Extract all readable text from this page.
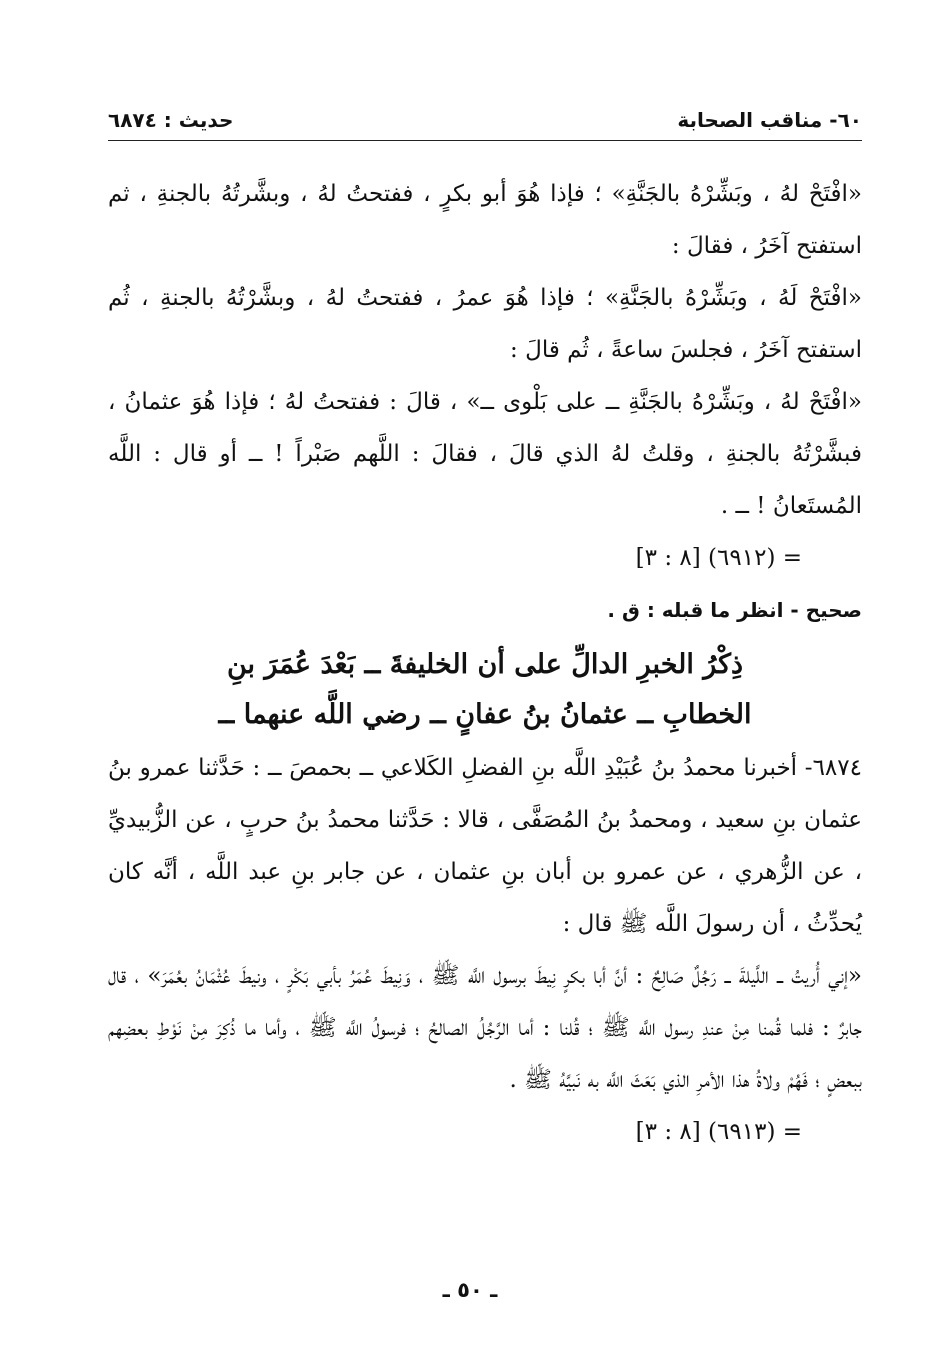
٦٠- مناقب الصحابة
حديث : ٦٨٧٤

«افْتَحْ لهُ ، وبَشِّرْهُ بالجَنَّةِ» ؛ فإذا هُوَ أبو بكرٍ ، ففتحتُ لهُ ، وبشَّرتُهُ بالجنةِ ، ثم استفتح آخَرُ ، فقالَ :

«افْتَحْ لَهُ ، وبَشِّرْهُ بالجَنَّةِ» ؛ فإذا هُوَ عمرُ ، ففتحتُ لهُ ، وبشَّرْتُهُ بالجنةِ ، ثُم استفتح آخَرُ ، فجلسَ ساعةً ، ثُم قالَ :

«افْتَحْ لهُ ، وبَشِّرْهُ بالجَنَّةِ ــ على بَلْوى ــ» ، قالَ : ففتحتُ لهُ ؛ فإذا هُوَ عثمانُ ، فبشَّرْتُهُ بالجنةِ ، وقلتُ لهُ الذي قالَ ، فقالَ : اللَّهم صَبْراً ! ــ أو قال : اللَّه المُستَعانُ ! ــ .

= (٦٩١٢) [٨ : ٣]

صحيح - انظر ما قبله : ق .

ذِكْرُ الخبرِ الدالِّ على أن الخليفةَ ــ بَعْدَ عُمَرَ بنِ
الخطابِ ــ عثمانُ بنُ عفانٍ ــ رضي اللَّه عنهما ــ

٦٨٧٤- أخبرنا محمدُ بنُ عُبَيْدِ اللَّه بنِ الفضلِ الكَلاعي ــ بحمصَ ــ : حَدَّثنا عمرو بنُ عثمان بنِ سعيد ، ومحمدُ بنُ المُصَفَّى ، قالا : حَدَّثنا محمدُ بنُ حربٍ ، عن الزُّبيديِّ ، عن الزُّهري ، عن عمرو بن أبان بنِ عثمان ، عن جابر بنِ عبد اللَّه ، أنَّه كان يُحدِّثُ ، أن رسولَ اللَّه ﷺ قال :

«إني أُريتُ ــ اللَّيلةَ ــ رَجُلٌ صَالِحٌ : أنَّ أبا بكرٍ نِيطَ برسول اللَّه ﷺ ، وَنِيطَ عُمَرُ بأبي بَكْرٍ ، ونيطَ عُثْمَانُ بعُمَرَ» ، قال جابرٌ : فلما قُمنا مِنْ عندِ رسول اللَّه ﷺ ؛ قُلنا : أما الرَّجُلُ الصالحُ ؛ فرسولُ اللَّه ﷺ ، وأما ما ذُكِرَ مِنْ نَوْطِ بعضِهم ببعضٍ ؛ فَهُمْ ولاةُ هذا الأمرِ الذي بَعَثَ اللَّه به نَبيَّهُ ﷺ .

= (٦٩١٣) [٨ : ٣]

ـ ٥٠ ـ
